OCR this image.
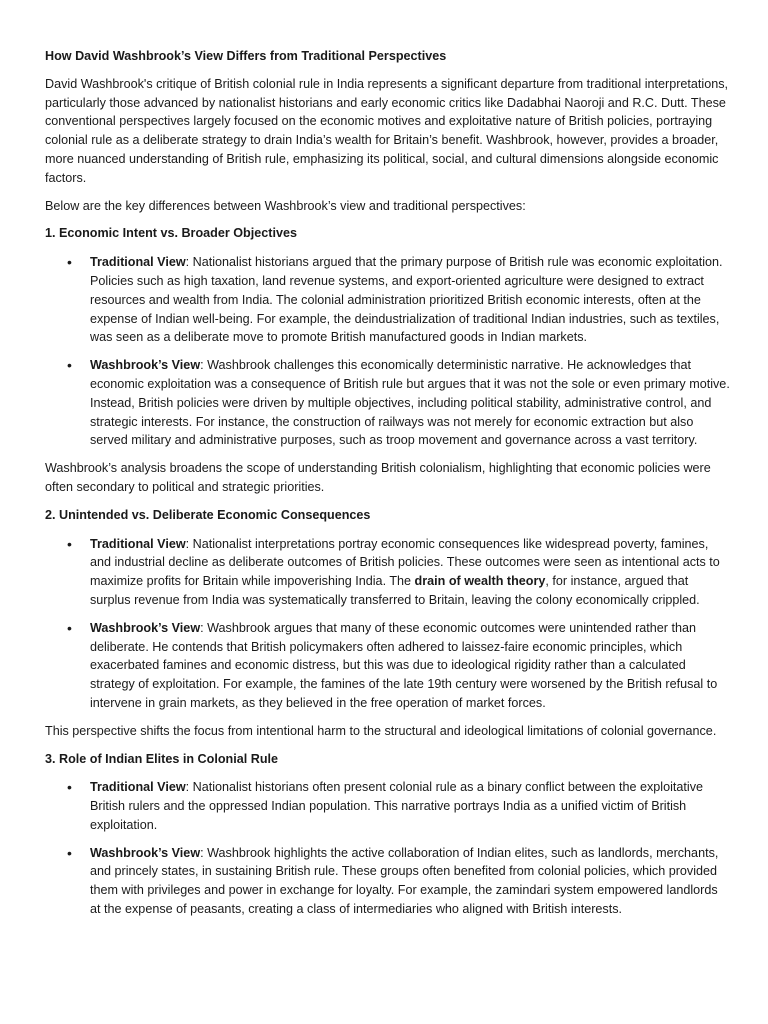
How David Washbrook’s View Differs from Traditional Perspectives

David Washbrook's critique of British colonial rule in India represents a significant departure from traditional interpretations, particularly those advanced by nationalist historians and early economic critics like Dadabhai Naoroji and R.C. Dutt. These conventional perspectives largely focused on the economic motives and exploitative nature of British policies, portraying colonial rule as a deliberate strategy to drain India’s wealth for Britain’s benefit. Washbrook, however, provides a broader, more nuanced understanding of British rule, emphasizing its political, social, and cultural dimensions alongside economic factors.

Below are the key differences between Washbrook’s view and traditional perspectives:

1. Economic Intent vs. Broader Objectives

• Traditional View: Nationalist historians argued that the primary purpose of British rule was economic exploitation. Policies such as high taxation, land revenue systems, and export-oriented agriculture were designed to extract resources and wealth from India. The colonial administration prioritized British economic interests, often at the expense of Indian well-being. For example, the deindustrialization of traditional Indian industries, such as textiles, was seen as a deliberate move to promote British manufactured goods in Indian markets.
• Washbrook’s View: Washbrook challenges this economically deterministic narrative. He acknowledges that economic exploitation was a consequence of British rule but argues that it was not the sole or even primary motive. Instead, British policies were driven by multiple objectives, including political stability, administrative control, and strategic interests. For instance, the construction of railways was not merely for economic extraction but also served military and administrative purposes, such as troop movement and governance across a vast territory.

Washbrook’s analysis broadens the scope of understanding British colonialism, highlighting that economic policies were often secondary to political and strategic priorities.

2. Unintended vs. Deliberate Economic Consequences

• Traditional View: Nationalist interpretations portray economic consequences like widespread poverty, famines, and industrial decline as deliberate outcomes of British policies. These outcomes were seen as intentional acts to maximize profits for Britain while impoverishing India. The drain of wealth theory, for instance, argued that surplus revenue from India was systematically transferred to Britain, leaving the colony economically crippled.
• Washbrook’s View: Washbrook argues that many of these economic outcomes were unintended rather than deliberate. He contends that British policymakers often adhered to laissez-faire economic principles, which exacerbated famines and economic distress, but this was due to ideological rigidity rather than a calculated strategy of exploitation. For example, the famines of the late 19th century were worsened by the British refusal to intervene in grain markets, as they believed in the free operation of market forces.

This perspective shifts the focus from intentional harm to the structural and ideological limitations of colonial governance.

3. Role of Indian Elites in Colonial Rule

• Traditional View: Nationalist historians often present colonial rule as a binary conflict between the exploitative British rulers and the oppressed Indian population. This narrative portrays India as a unified victim of British exploitation.
• Washbrook’s View: Washbrook highlights the active collaboration of Indian elites, such as landlords, merchants, and princely states, in sustaining British rule. These groups often benefited from colonial policies, which provided them with privileges and power in exchange for loyalty. For example, the zamindari system empowered landlords at the expense of peasants, creating a class of intermediaries who aligned with British interests.
